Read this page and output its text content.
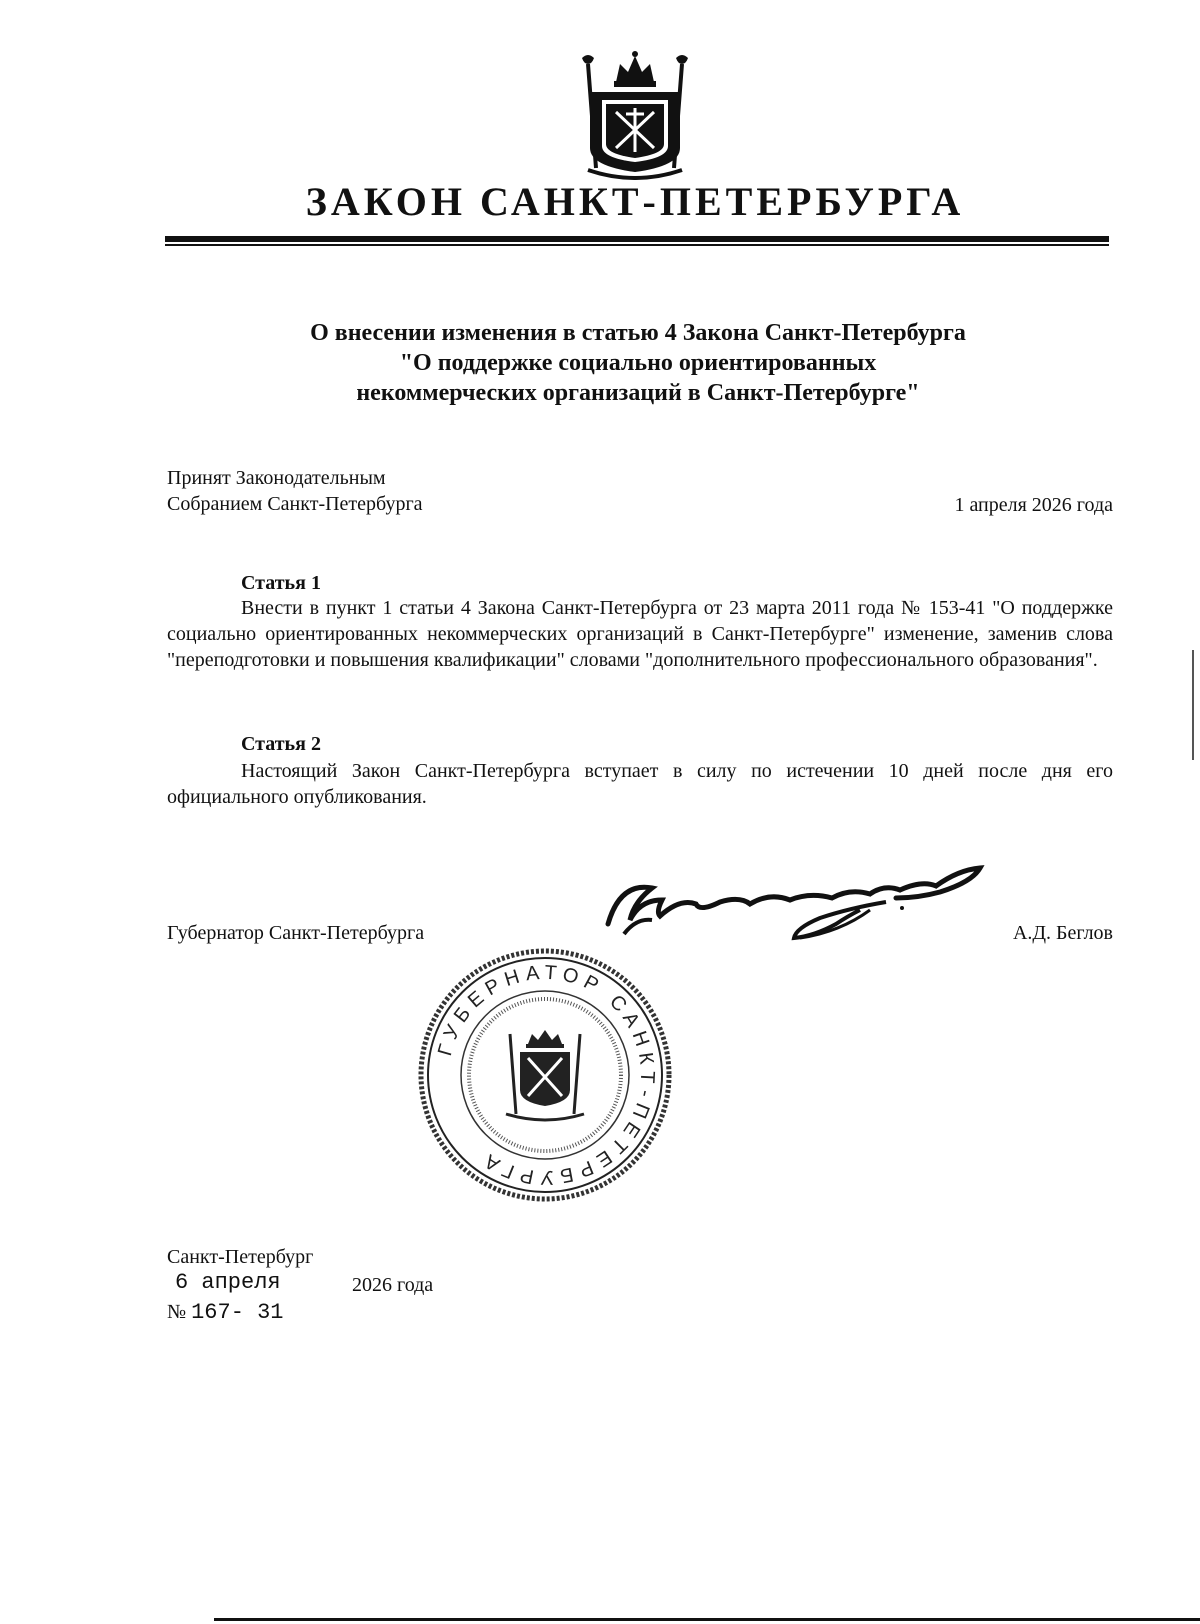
ЗАКОН САНКТ-ПЕТЕРБУРГА
О внесении изменения в статью 4 Закона Санкт-Петербурга
"О поддержке социально ориентированных
некоммерческих организаций в Санкт-Петербурге"
Принят Законодательным
Собранием Санкт-Петербурга	1 апреля 2026 года
Статья 1
Внести в пункт 1 статьи 4 Закона Санкт-Петербурга от 23 марта 2011 года № 153-41 "О поддержке социально ориентированных некоммерческих организаций в Санкт-Петербурге" изменение, заменив слова "переподготовки и повышения квалификации" словами "дополнительного профессионального образования".
Статья 2
Настоящий Закон Санкт-Петербурга вступает в силу по истечении 10 дней после дня его официального опубликования.
Губернатор Санкт-Петербурга	А.Д. Беглов
ГУБЕРНАТОР САНКТ-ПЕТЕРБУРГА
Санкт-Петербург
6 апреля	2026 года
№ 167- 31
